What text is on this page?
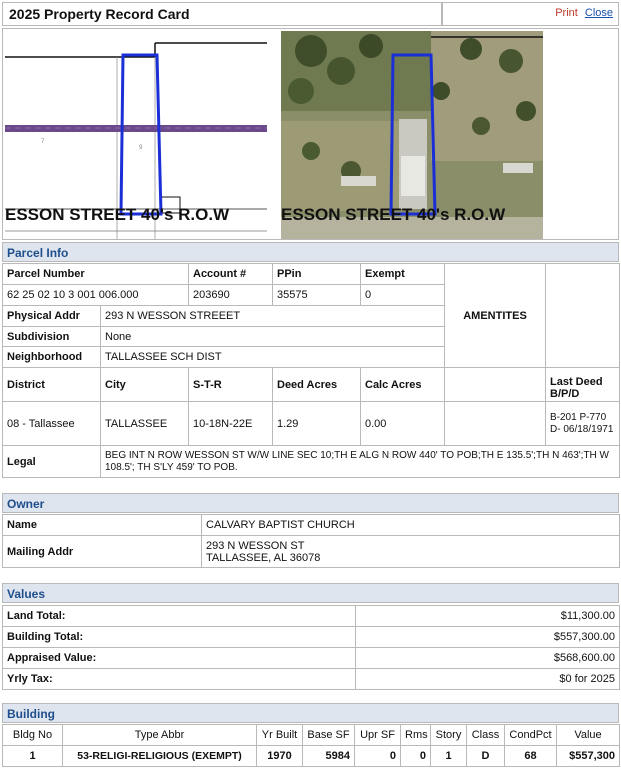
2025 Property Record Card	Print Close
9
7
ESSON STREET 40's R.O.W	ESSON STREET 40's R.O.W
Parcel Info
Parcel Number		Account #	PPin	Exempt	AMENTITES	
62 25 02 10 3 001 006.000		203690	35575	0		
Physical Addr	293 N WESSON STREEET					
Subdivision	None					
Neighborhood	TALLASSEE SCH DIST					
District	City	S-T-R	Deed Acres	Calc Acres		Last Deed B/P/D
08 - Tallassee	TALLASSEE	10-18N-22E	1.29	0.00		B-201 P-770 D- 06/18/1971
Legal	BEG INT N ROW WESSON ST W/W LINE SEC 10;TH E ALG N ROW 440' TO POB;TH E 135.5';TH N 463';TH W 108.5'; TH S'LY 459' TO POB.					
Owner
Name	CALVARY BAPTIST CHURCH
Mailing Addr	293 N WESSON ST
TALLASSEE, AL 36078
Values
Land Total:	$11,300.00
Building Total:	$557,300.00
Appraised Value:	$568,600.00
Yrly Tax:	$0 for 2025
Building
Bldg No	Type Abbr	Yr Built	Base SF	Upr SF	Rms	Story	Class	CondPct	Value
1	53-RELIGI-RELIGIOUS (EXEMPT)	1970	5984	0	0	1	D	68	$557,300
